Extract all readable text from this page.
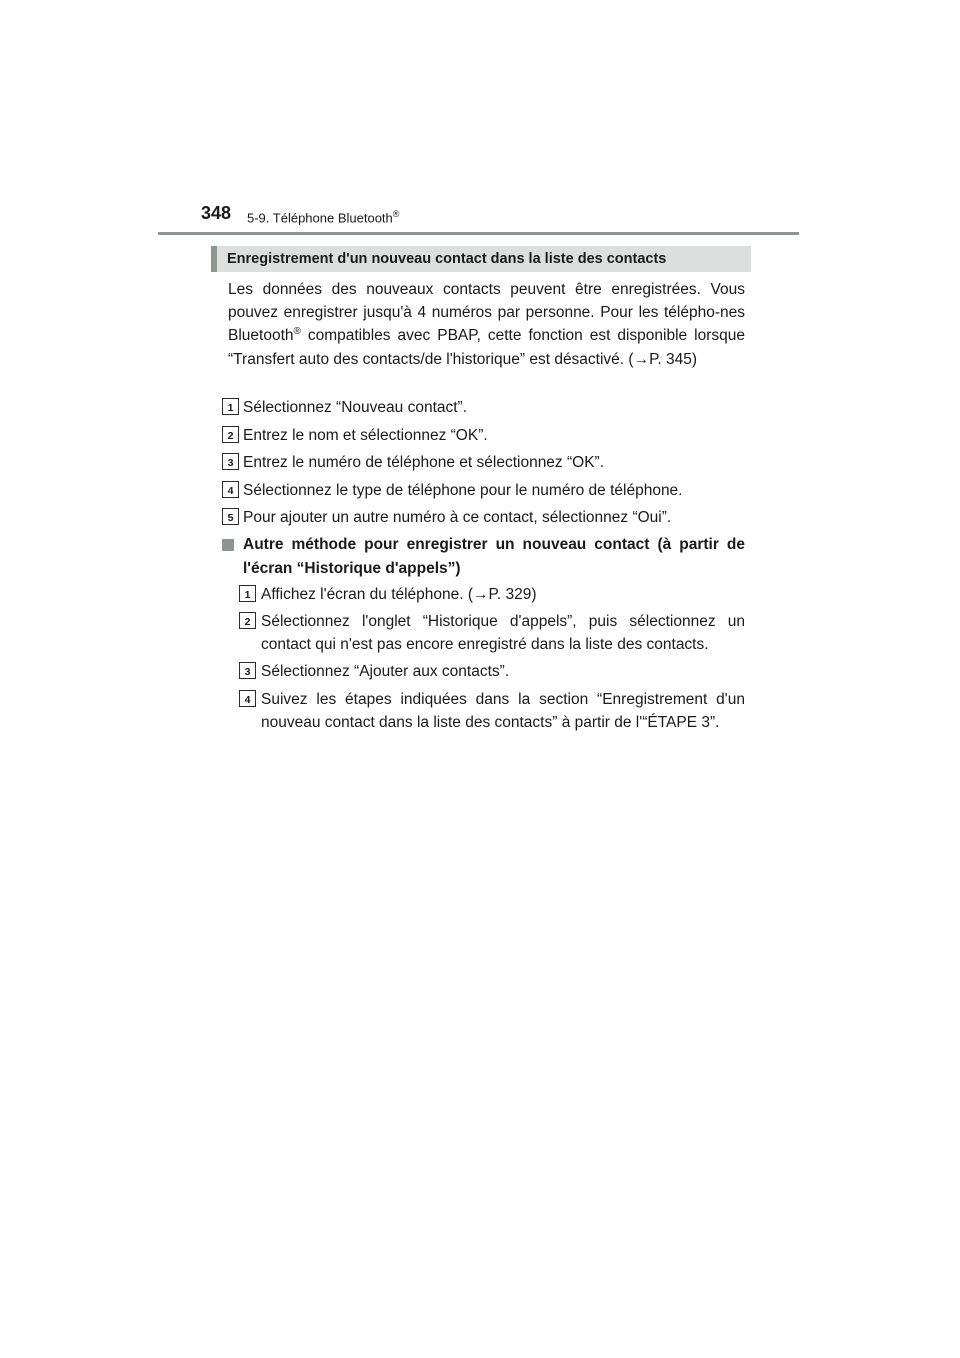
348 5-9. Téléphone Bluetooth®
Enregistrement d'un nouveau contact dans la liste des contacts
Les données des nouveaux contacts peuvent être enregistrées. Vous pouvez enregistrer jusqu'à 4 numéros par personne. Pour les télépho-nes Bluetooth® compatibles avec PBAP, cette fonction est disponible lorsque “Transfert auto des contacts/de l'historique” est désactivé. (→P. 345)
1 Sélectionnez “Nouveau contact”.
2 Entrez le nom et sélectionnez “OK”.
3 Entrez le numéro de téléphone et sélectionnez “OK”.
4 Sélectionnez le type de téléphone pour le numéro de téléphone.
5 Pour ajouter un autre numéro à ce contact, sélectionnez “Oui”.
Autre méthode pour enregistrer un nouveau contact (à partir de l'écran “Historique d'appels”)
1 Affichez l'écran du téléphone. (→P. 329)
2 Sélectionnez l'onglet “Historique d'appels”, puis sélectionnez un contact qui n'est pas encore enregistré dans la liste des contacts.
3 Sélectionnez “Ajouter aux contacts”.
4 Suivez les étapes indiquées dans la section “Enregistrement d'un nouveau contact dans la liste des contacts” à partir de l'“ÉTAPE 3”.
